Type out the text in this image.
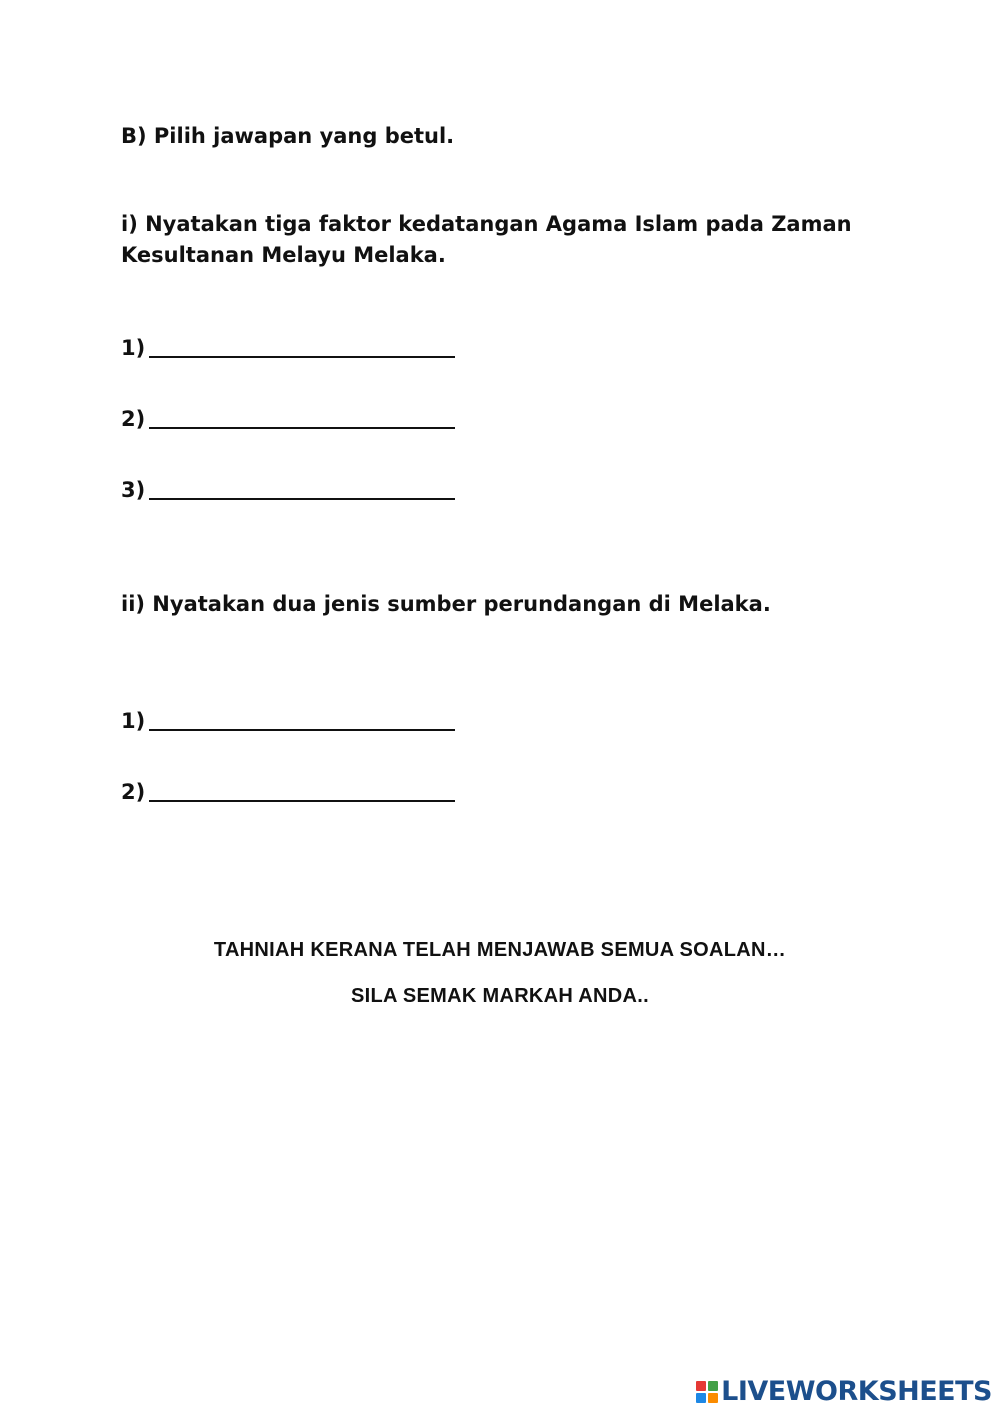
B) Pilih jawapan yang betul.
i) Nyatakan tiga faktor kedatangan Agama Islam pada Zaman
Kesultanan Melayu Melaka.
1)
2)
3)
ii) Nyatakan dua jenis sumber perundangan di Melaka.
1)
2)
TAHNIAH KERANA TELAH MENJAWAB SEMUA SOALAN…
SILA SEMAK MARKAH ANDA..
LIVEWORKSHEETS
